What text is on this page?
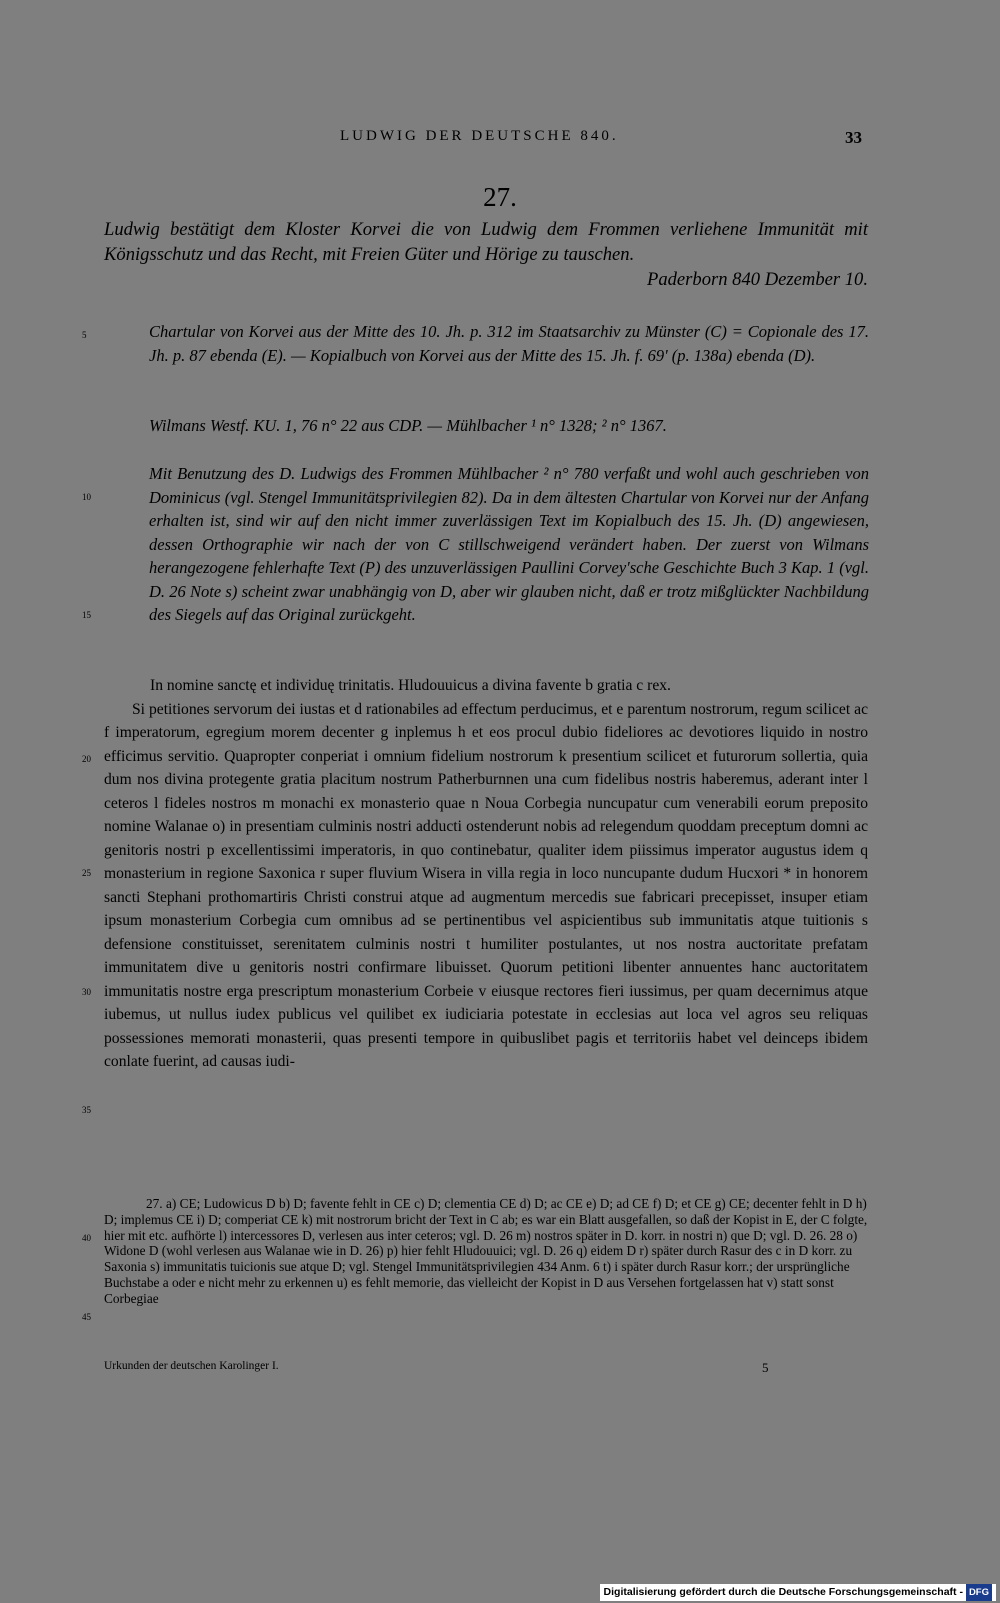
LUDWIG DER DEUTSCHE 840.	33
27.
Ludwig bestätigt dem Kloster Korvei die von Ludwig dem Frommen verliehene Immunität mit Königsschutz und das Recht, mit Freien Güter und Hörige zu tauschen.
Paderborn 840 Dezember 10.
5
10
15
20
25
30
35
40
45
Chartular von Korvei aus der Mitte des 10. Jh. p. 312 im Staatsarchiv zu Münster (C) = Copionale des 17. Jh. p. 87 ebenda (E). — Kopialbuch von Korvei aus der Mitte des 15. Jh. f. 69' (p. 138a) ebenda (D).
Wilmans Westf. KU. 1, 76 n° 22 aus CDP. — Mühlbacher ¹ n° 1328; ² n° 1367.
Mit Benutzung des D. Ludwigs des Frommen Mühlbacher ² n° 780 verfaßt und wohl auch geschrieben von Dominicus (vgl. Stengel Immunitätsprivilegien 82). Da in dem ältesten Chartular von Korvei nur der Anfang erhalten ist, sind wir auf den nicht immer zuverlässigen Text im Kopialbuch des 15. Jh. (D) angewiesen, dessen Orthographie wir nach der von C stillschweigend verändert haben. Der zuerst von Wilmans herangezogene fehlerhafte Text (P) des unzuverlässigen Paullini Corvey'sche Geschichte Buch 3 Kap. 1 (vgl. D. 26 Note s) scheint zwar unabhängig von D, aber wir glauben nicht, daß er trotz mißglückter Nachbildung des Siegels auf das Original zurückgeht.
In nomine sanctę et individuę trinitatis. Hludouuicus a divina favente b gratia c rex.
Si petitiones servorum dei iustas et d rationabiles ad effectum perducimus, et e parentum nostrorum, regum scilicet ac f imperatorum, egregium morem decenter g inplemus h et eos procul dubio fideliores ac devotiores liquido in nostro efficimus servitio. Quapropter conperiat i omnium fidelium nostrorum k presentium scilicet et futurorum sollertia, quia dum nos divina protegente gratia placitum nostrum Patherburnnen una cum fidelibus nostris haberemus, aderant inter l ceteros l fideles nostros m monachi ex monasterio quae n Noua Corbegia nuncupatur cum venerabili eorum preposito nomine Walanae o) in presentiam culminis nostri adducti ostenderunt nobis ad relegendum quoddam preceptum domni ac genitoris nostri p excellentissimi imperatoris, in quo continebatur, qualiter idem piissimus imperator augustus idem q monasterium in regione Saxonica r super fluvium Wisera in villa regia in loco nuncupante dudum Hucxori * in honorem sancti Stephani prothomartiris Christi construi atque ad augmentum mercedis sue fabricari precepisset, insuper etiam ipsum monasterium Corbegia cum omnibus ad se pertinentibus vel aspicientibus sub immunitatis atque tuitionis s defensione constituisset, serenitatem culminis nostri t humiliter postulantes, ut nos nostra auctoritate prefatam immunitatem dive u genitoris nostri confirmare libuisset. Quorum petitioni libenter annuentes hanc auctoritatem immunitatis nostre erga prescriptum monasterium Corbeie v eiusque rectores fieri iussimus, per quam decernimus atque iubemus, ut nullus iudex publicus vel quilibet ex iudiciaria potestate in ecclesias aut loca vel agros seu reliquas possessiones memorati monasterii, quas presenti tempore in quibuslibet pagis et territoriis habet vel deinceps ibidem conlate fuerint, ad causas iudi-
27. a) CE; Ludowicus D b) D; favente fehlt in CE c) D; clementia CE d) D; ac CE e) D; ad CE f) D; et CE g) CE; decenter fehlt in D h) D; implemus CE i) D; comperiat CE k) mit nostrorum bricht der Text in C ab; es war ein Blatt ausgefallen, so daß der Kopist in E, der C folgte, hier mit etc. aufhörte l) intercessores D, verlesen aus inter ceteros; vgl. D. 26 m) nostros später in D. korr. in nostri n) que D; vgl. D. 26. 28 o) Widone D (wohl verlesen aus Walanae wie in D. 26) p) hier fehlt Hludouuici; vgl. D. 26 q) eidem D r) später durch Rasur des c in D korr. zu Saxonia s) immunitatis tuicionis sue atque D; vgl. Stengel Immunitätsprivilegien 434 Anm. 6 t) i später durch Rasur korr.; der ursprüngliche Buchstabe a oder e nicht mehr zu erkennen u) es fehlt memorie, das vielleicht der Kopist in D aus Versehen fortgelassen hat v) statt sonst Corbegiae
Urkunden der deutschen Karolinger I.	5
Digitalisierung gefördert durch die Deutsche Forschungsgemeinschaft - DFG
